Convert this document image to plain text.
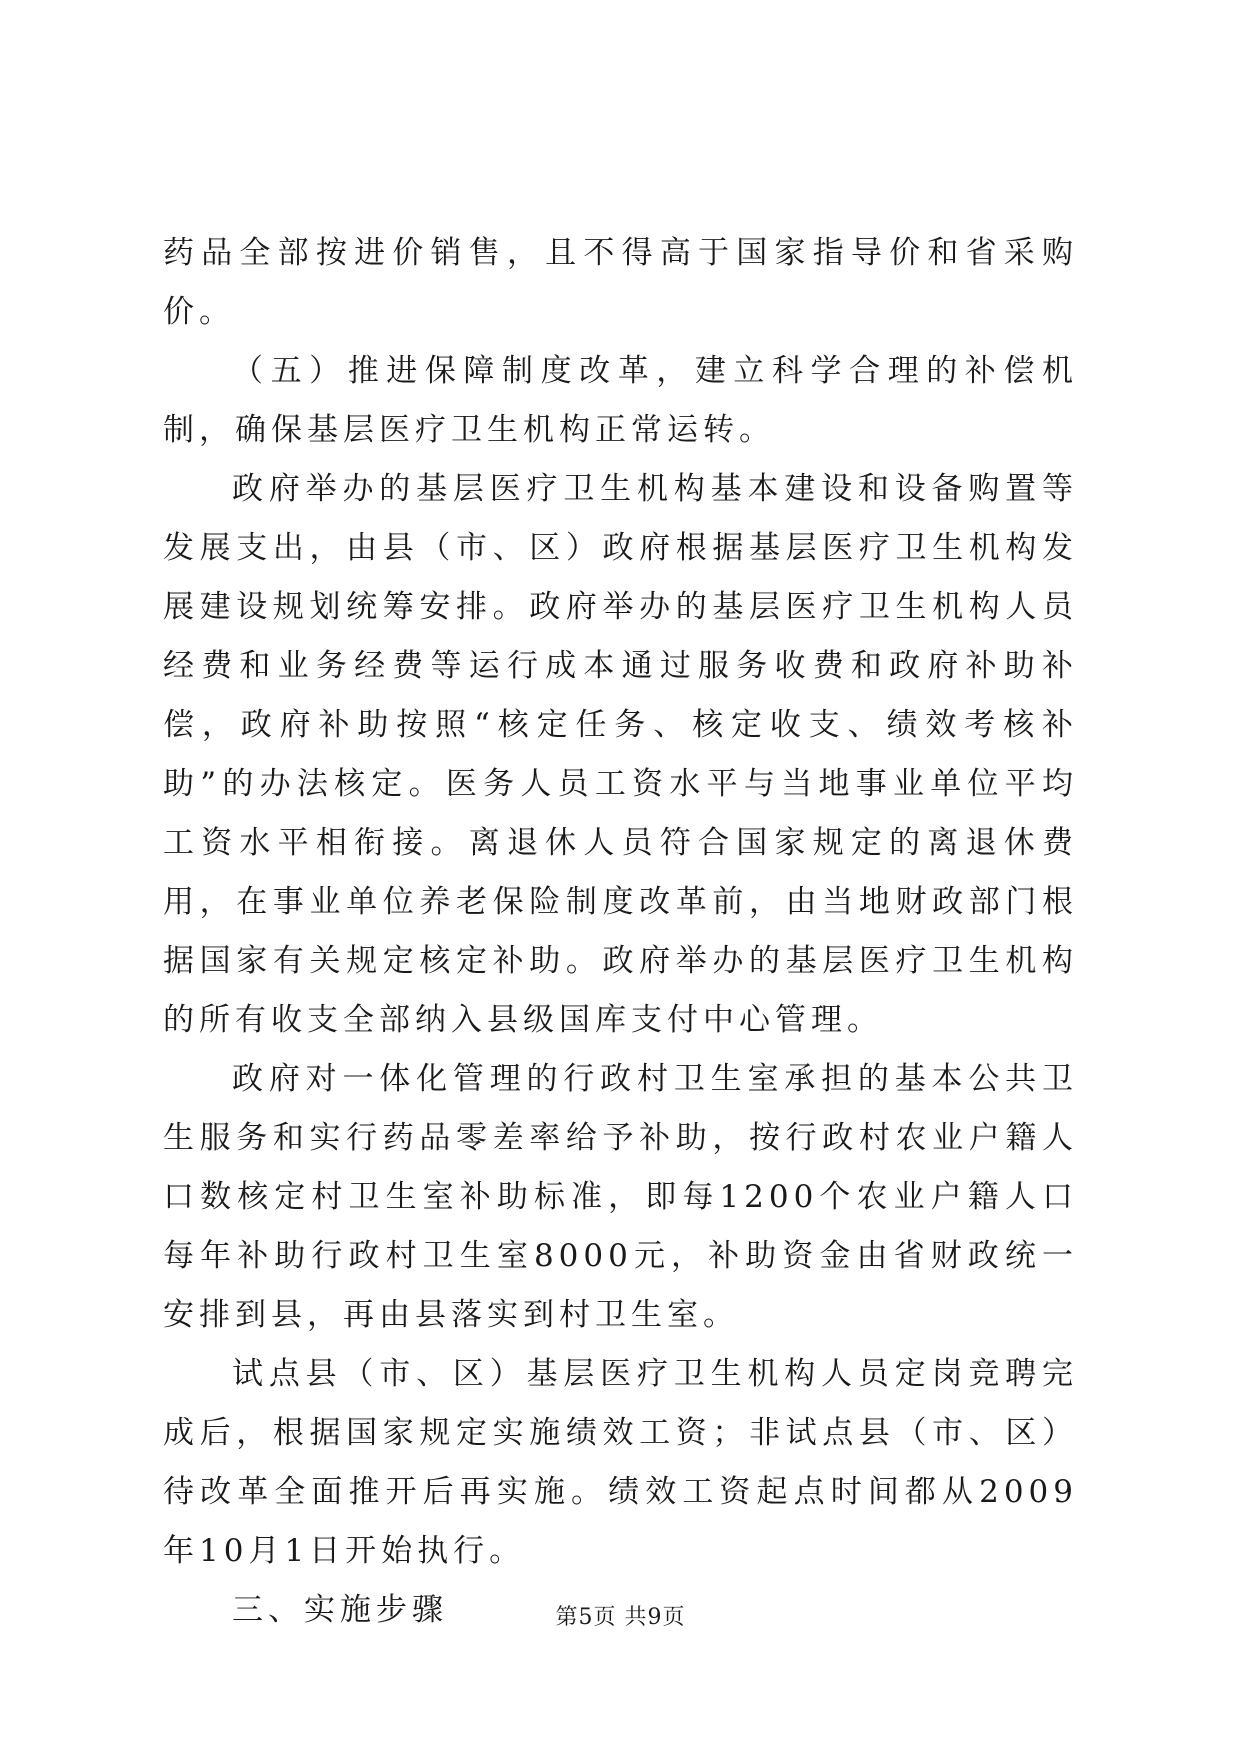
药品全部按进价销售，且不得高于国家指导价和省采购价。

（五）推进保障制度改革，建立科学合理的补偿机制，确保基层医疗卫生机构正常运转。

政府举办的基层医疗卫生机构基本建设和设备购置等发展支出，由县（市、区）政府根据基层医疗卫生机构发展建设规划统筹安排。政府举办的基层医疗卫生机构人员经费和业务经费等运行成本通过服务收费和政府补助补偿，政府补助按照“核定任务、核定收支、绩效考核补助”的办法核定。医务人员工资水平与当地事业单位平均工资水平相衔接。离退休人员符合国家规定的离退休费用，在事业单位养老保险制度改革前，由当地财政部门根据国家有关规定核定补助。政府举办的基层医疗卫生机构的所有收支全部纳入县级国库支付中心管理。

政府对一体化管理的行政村卫生室承担的基本公共卫生服务和实行药品零差率给予补助，按行政村农业户籍人口数核定村卫生室补助标准，即每1200个农业户籍人口每年补助行政村卫生室8000元，补助资金由省财政统一安排到县，再由县落实到村卫生室。

试点县（市、区）基层医疗卫生机构人员定岗竞聘完成后，根据国家规定实施绩效工资；非试点县（市、区）待改革全面推开后再实施。绩效工资起点时间都从2009年10月1日开始执行。

三、实施步骤	第5页 共9页
